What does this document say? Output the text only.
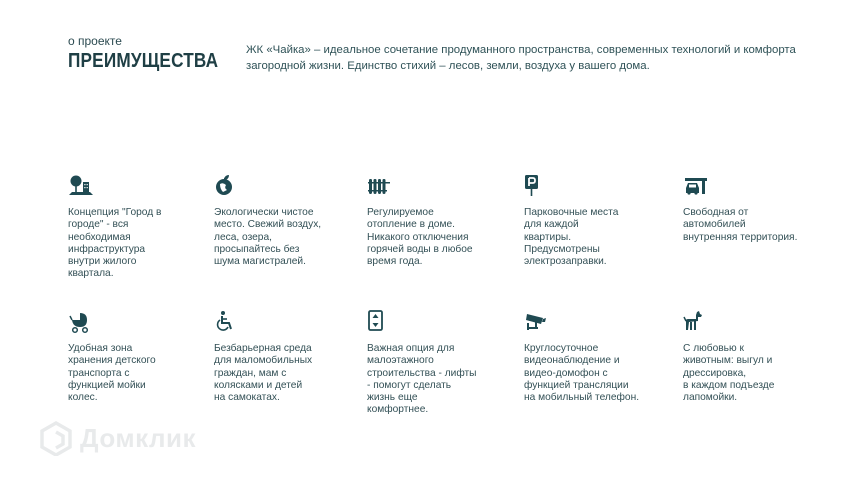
о проекте
ПРЕИМУЩЕСТВА ЖК «Чайка» – идеальное сочетание продуманного пространства, современных технологий и комфорта загородной жизни. Единство стихий – лесов, земли, воздуха у вашего дома.
Концепция "Город в
городе" - вся
необходимая
инфраструктура
внутри жилого
квартала.
Экологически чистое
место. Свежий воздух,
леса, озера,
просыпайтесь без
шума магистралей.
Регулируемое
отопление в доме.
Никакого отключения
горячей воды в любое
время года.
Парковочные места
для каждой
квартиры.
Предусмотрены
электрозаправки.
Свободная от
автомобилей
внутренняя территория.
Удобная зона
хранения детского
транспорта с
функцией мойки
колес.
Безбарьерная среда
для маломобильных
граждан, мам с
колясками и детей
на самокатах.
Важная опция для
малоэтажного
строительства - лифты
- помогут сделать
жизнь еще
комфортнее.
Круглосуточное
видеонаблюдение и
видео-домофон с
функцией трансляции
на мобильный телефон.
С любовью к
животным: выгул и
дрессировка,
в каждом подъезде
лапомойки.
Домклик
